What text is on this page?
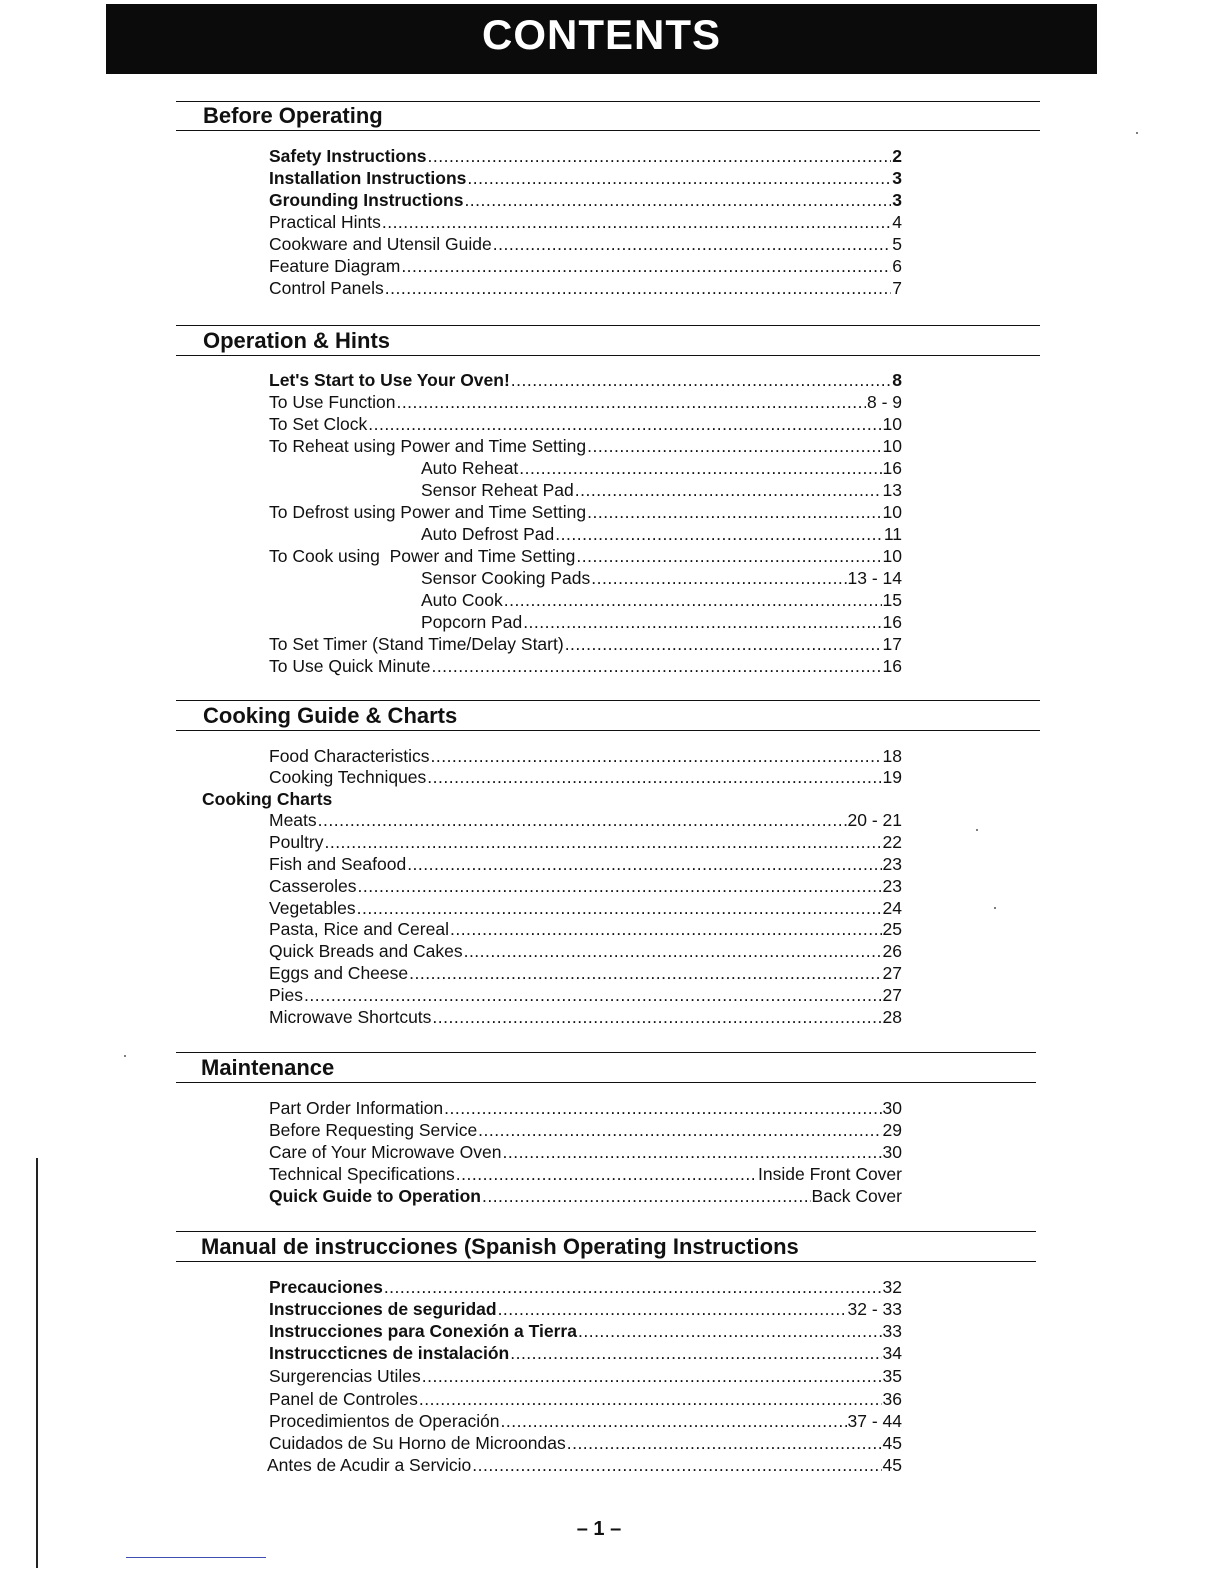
CONTENTS
Before Operating
Safety Instructions .....	2
Installation Instructions .....	3
Grounding Instructions .....	3
Practical Hints .....	4
Cookware and Utensil Guide .....	5
Feature Diagram .....	6
Control Panels .....	7
Operation & Hints
Let's Start to Use Your Oven! .....	8
To Use Function .....	8 - 9
To Set Clock .....	10
To Reheat using Power and Time Setting .....	10
Auto Reheat .....	16
Sensor Reheat Pad .....	13
To Defrost using Power and Time Setting .....	10
Auto Defrost Pad .....	11
To Cook using  Power and Time Setting .....	10
Sensor Cooking Pads .....	13 - 14
Auto Cook .....	15
Popcorn Pad .....	16
To Set Timer (Stand Time/Delay Start) .....	17
To Use Quick Minute .....	16
Cooking Guide & Charts
Food Characteristics .....	18
Cooking Techniques .....	19
Cooking Charts
Meats .....	20 - 21
Poultry .....	22
Fish and Seafood .....	23
Casseroles .....	23
Vegetables .....	24
Pasta, Rice and Cereal .....	25
Quick Breads and Cakes .....	26
Eggs and Cheese .....	27
Pies .....	27
Microwave Shortcuts .....	28
Maintenance
Part Order Information .....	30
Before Requesting Service .....	29
Care of Your Microwave Oven .....	30
Technical Specifications .....	Inside Front Cover
Quick Guide to Operation .....	Back Cover
Manual de instrucciones (Spanish Operating Instructions
Precauciones .....	32
Instrucciones de seguridad .....	32 - 33
Instrucciones para Conexión a Tierra .....	33
Instruccticnes de instalación .....	34
Surgerencias Utiles .....	35
Panel de Controles .....	36
Procedimientos de Operación .....	37 - 44
Cuidados de Su Horno de Microondas .....	45
Antes de Acudir a Servicio .....	45
– 1 –
